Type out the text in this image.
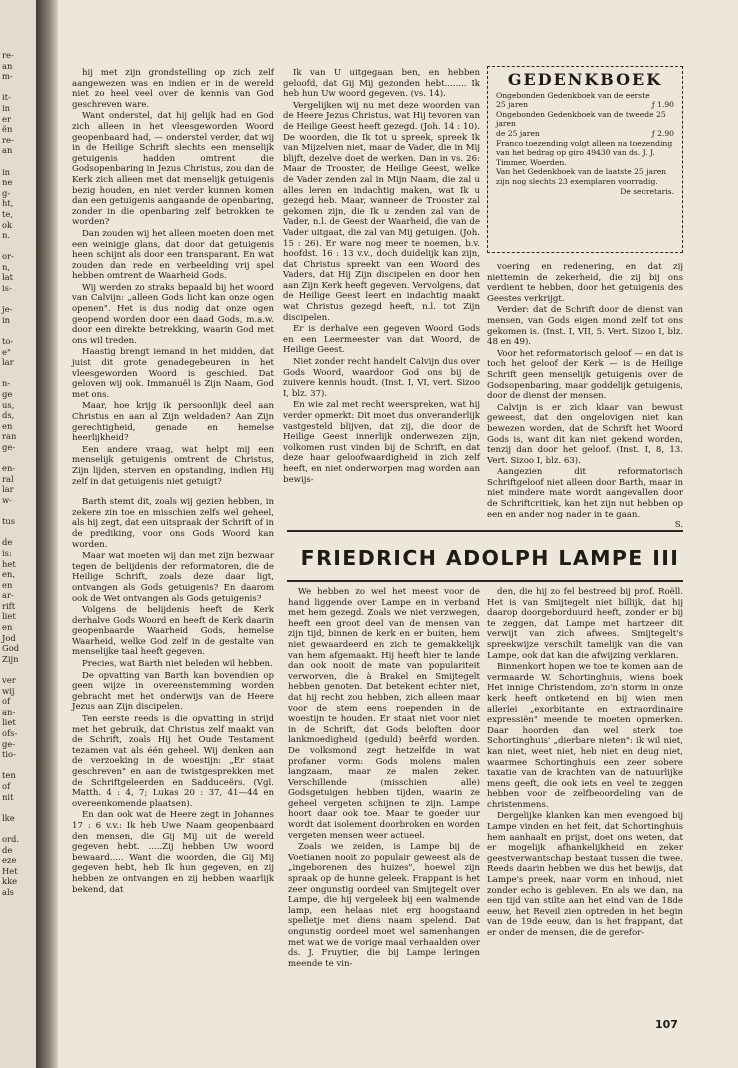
re-
an
m-

it-
in
er
ën
re-
an

in
ne
g-
ht,
te,
ok
n.

or-
n,
lat
is-

je-
in

to-
e"
lar

n-
ge
us,
ds,
en
ran
ge-

en-
ral
lar
w-

tus

de
is:
het
en,
en
ar-
rift
liet
en
Jod
God
Zijn

ver
wij
of
an-
liet
ofs-
ge-
tio-

ten
of
nit

lke

ord.
de
eze
Het
kke
als

hij met zijn grondstelling op zich zelf aangewezen was en indien er in de wereld niet zo heel veel over de kennis van God geschreven ware.

Want onderstel, dat hij gelijk had en God zich alleen in het vleesgeworden Woord geopenbaard had, — onderstel verder, dat wij in de Heilige Schrift slechts een menselijk getuigenis hadden omtrent die Godsopenbaring in Jezus Christus, zou dan de Kerk zich alleen met dat menselijk getuigenis bezig houden, en niet verder kunnen komen dan een getuigenis aangaande de openbaring, zonder in die openbaring zelf betrokken te worden?

Dan zouden wij het alleen moeten doen met een weinigje glans, dat door dat getuigenis heen schijnt als door een transparant. En wat zouden dan rede en verbeelding vrij spel hebben omtrent de Waarheid Gods.

Wij werden zo straks bepaald bij het woord van Calvijn: „alleen Gods licht kan onze ogen openen". Het is dus nodig dat onze ogen geopend worden door een daad Gods, m.a.w. door een direkte betrekking, waarin God met ons wil treden.

Haastig brengt iemand in het midden, dat juist dit grote genadegebeuren in het vleesgeworden Woord is geschied. Dat geloven wij ook. Immanuël is Zijn Naam, God met ons.

Maar, hoe krijg ik persoonlijk deel aan Christus en aan al Zijn weldaden? Aan Zijn gerechtigheid, genade en hemelse heerlijkheid?

Een andere vraag, wat helpt mij een menselijk getuigenis omtrent de Christus, Zijn lijden, sterven en opstanding, indien Hij zelf in dat getuigenis niet getuigt?

Barth stemt dit, zoals wij gezien hebben, in zekere zin toe en misschien zelfs wel geheel, als hij zegt, dat een uitspraak der Schrift of in de prediking, voor ons Gods Woord kan worden.

Maar wat moeten wij dan met zijn bezwaar tegen de belijdenis der reformatoren, die de Heilige Schrift, zoals deze daar ligt, ontvangen als Gods getuigenis? En daarom ook de Wet ontvangen als Gods getuigenis?

Volgens de belijdenis heeft de Kerk derhalve Gods Woord en heeft de Kerk daarin geopenbaarde Waarheid Gods, hemelse Waarheid, welke God zelf in de gestalte van menselijke taal heeft gegeven.

Precies, wat Barth niet beleden wil hebben.

De opvatting van Barth kan bovendien op geen wijze in overeenstemming worden gebracht met het onderwijs van de Heere Jezus aan Zijn discipelen.

Ten eerste reeds is die opvatting in strijd met het gebruik, dat Christus zelf maakt van de Schrift, zoals Hij het Oude Testament tezamen vat als één geheel. Wij denken aan de verzoeking in de woestijn: „Er staat geschreven" en aan de twistgesprekken met de Schriftgeleerden en Sadduceërs. (Vgl. Matth. 4 : 4, 7; Lukas 20 : 37, 41—44 en overeenkomende plaatsen).

En dan ook wat de Heere zegt in Johannes 17 : 6 v.v.: Ik heb Uwe Naam geopenbaard den mensen, die Gij Mij uit de wereld gegeven hebt. .....Zij hebben Uw woord bewaard..... Want die woorden, die Gij Mij gegeven hebt, heb Ik hun gegeven, en zij hebben ze ontvangen en zij hebben waarlijk bekend, dat

Ik van U uitgegaan ben, en hebben geloofd, dat Gij Mij gezonden hebt........ Ik heb hun Uw woord gegeven. (vs. 14).

Vergelijken wij nu met deze woorden van de Heere Jezus Christus, wat Hij tevoren van de Heilige Geest heeft gezegd. (Joh. 14 : 10). De woorden, die Ik tot u spreek, spreek Ik van Mijzelven niet, maar de Vader, die in Mij blijft, dezelve doet de werken. Dan in vs. 26: Maar de Trooster, de Heilige Geest, welke de Vader zenden zal in Mijn Naam, die zal u alles leren en indachtig maken, wat Ik u gezegd heb. Maar, wanneer de Trooster zal gekomen zijn, die Ik u zenden zal van de Vader, n.l. de Geest der Waarheid, die van de Vader uitgaat, die zal van Mij getuigen. (Joh. 15 : 26). Er ware nog meer te noemen, b.v. hoofdst. 16 : 13 v.v., doch duidelijk kan zijn, dat Christus spreekt van een Woord des Vaders, dat Hij Zijn discipelen en door hen aan Zijn Kerk heeft gegeven. Vervolgens, dat de Heilige Geest leert en indachtig maakt wat Christus gezegd heeft, n.l. tot Zijn discipelen.

Er is derhalve een gegeven Woord Gods en een Leermeester van dat Woord, de Heilige Geest.

Niet zonder recht handelt Calvijn dus over Gods Woord, waardoor God ons bij de zuivere kennis houdt. (Inst. I, VI, vert. Sizoo I, blz. 37).

En wie zal met recht weerspreken, wat hij verder opmerkt: Dit moet dus onveranderlijk vastgesteld blijven, dat zij, die door de Heilige Geest innerlijk onderwezen zijn, volkomen rust vinden bij de Schrift, en dat deze haar geloofwaardigheid in zich zelf heeft, en niet onderworpen mag worden aan bewijs-

GEDENKBOEK
Ongebonden Gedenkboek van de eerste
25 jaren	ƒ 1.90
Ongebonden Gedenkboek van de tweede 25 jaren
de 25 jaren	ƒ 2.90
Franco toezending volgt alleen na toezending van het bedrag op giro 49430 van ds. J. J. Timmer, Woerden.
Van het Gedenkboek van de laatste 25 jaren zijn nog slechts 23 exemplaren voorradig.
De secretaris.

voering en redenering, en dat zij niettemin de zekerheid, die zij bij ons verdient te hebben, door het getuigenis des Geestes verkrijgt.

Verder: dat de Schrift door de dienst van mensen, van Gods eigen mond zelf tot ons gekomen is. (Inst. I, VII, 5. Vert. Sizoo I, blz. 48 en 49).

Voor het reformatorisch geloof — en dat is toch het geloof der Kerk — is de Heilige Schrift geen menselijk getuigenis over de Godsopenbaring, maar goddelijk getuigenis, door de dienst der mensen.

Calvijn is er zich klaar van bewust geweest, dat den ongelovigen niet kan bewezen worden, dat de Schrift het Woord Gods is, want dit kan niet gekend worden, tenzij dan door het geloof. (Inst. I, 8, 13. Vert. Sizoo I, blz. 63).

Aangezien dit reformatorisch Schriftgeloof niet alleen door Barth, maar in niet mindere mate wordt aangevallen door de Schriftcritiek, kan het zijn nut hebben op een en ander nog nader in te gaan.

S.
FRIEDRICH ADOLPH LAMPE III

We hebben zo wel het meest voor de hand liggende over Lampe en in verband met hem gezegd. Zoals we niet verzwegen, heeft een groot deel van de mensen van zijn tijd, binnen de kerk en er buiten, hem niet gewaardeerd en zich te gemakkelijk van hem afgemaakt. Hij heeft hier te lande dan ook nooit de mate van populariteit verworven, die à Brakel en Smijtegelt hebben genoten. Dat betekent echter niet, dat hij recht zou hebben, zich alleen maar voor de stem eens roependen in de woestijn te houden. Er staat niet voor niet in de Schrift, dat Gods beloften door lankmoedigheid (geduld) beërfd worden. De volksmond zegt hetzelfde in wat profaner vorm: Gods molens malen langzaam, maar ze malen zeker. Verschillende (misschien alle) Godsgetuigen hebben tijden, waarin ze geheel vergeten schijnen te zijn. Lampe hoort daar ook toe. Maar te goeder uur wordt dat isolement doorbroken en worden vergeten mensen weer actueel.

Zoals we zeiden, is Lampe bij de Voetianen nooit zo populair geweest als de „ingeborenen des huizes", hoewel zijn spraak op de hunne geleek. Frappant is het zeer ongunstig oordeel van Smijtegelt over Lampe, die hij vergeleek bij een walmende lamp, een helaas niet erg hoogstaand spelletje met diens naam spelend. Dat ongunstig oordeel moet wel samenhangen met wat we de vorige maal verhaalden over ds. J. Fruytier, die bij Lampe leringen meende te vin-

den, die hij zo fel bestreed bij prof. Roëll. Het is van Smijtegelt niet billijk, dat hij daarop doorgeborduurd heeft, zonder er bij te zeggen, dat Lampe met hartzeer dit verwijt van zich afwees. Smijtegelt's spreekwijze verschilt tamelijk van die van Lampe, ook dat kan die afwijzing verklaren.

Binnenkort hopen we toe te komen aan de vermaarde W. Schortinghuis, wiens boek Het innige Christendom, zo'n storm in onze kerk heeft ontketend en bij wien men allerlei „exorbitante en extraordinaire expressiën" meende te moeten opmerken. Daar hoorden dan wel sterk toe Schortinghuis' „dierbare nieten": ik wil niet, kan niet, weet niet, heb niet en deug niet, waarmee Schortinghuis een zeer sobere taxatie van de krachten van de natuurlijke mens geeft, die ook iets en veel te zeggen hebben voor de zelfbeoordeling van de christenmens.

Dergelijke klanken kan men evengoed bij Lampe vinden en het feit, dat Schortinghuis hem aanhaalt en prijst, doet ons weten, dat er mogelijk afhankelijkheid en zeker geestverwantschap bestaat tussen die twee. Reeds daarin hebben we dus het bewijs, dat Lampe's preek, naar vorm en inhoud, niet zonder echo is gebleven. En als we dan, na een tijd van stilte aan het eind van de 18de eeuw, het Reveil zien optreden in het begin van de 19de eeuw, dan is het frappant, dat er onder de mensen, die de gerefor-

107
